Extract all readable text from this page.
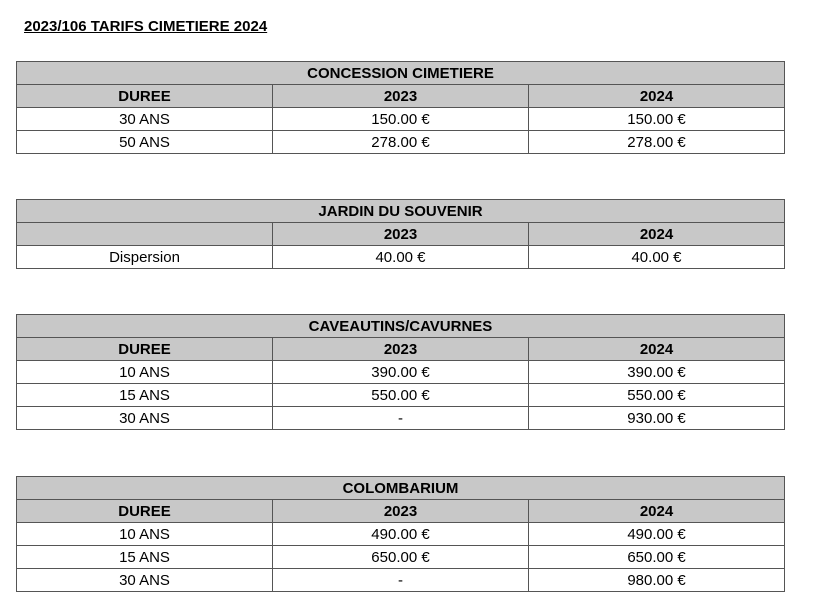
2023/106 TARIFS CIMETIERE 2024
CONCESSION CIMETIERE		
DUREE	2023	2024
30 ANS	150.00 €	150.00 €
50 ANS	278.00 €	278.00 €
JARDIN DU SOUVENIR		
	2023	2024
Dispersion	40.00 €	40.00 €
CAVEAUTINS/CAVURNES		
DUREE	2023	2024
10 ANS	390.00 €	390.00 €
15 ANS	550.00 €	550.00 €
30 ANS	-	930.00 €
COLOMBARIUM		
DUREE	2023	2024
10 ANS	490.00 €	490.00 €
15 ANS	650.00 €	650.00 €
30 ANS	-	980.00 €
